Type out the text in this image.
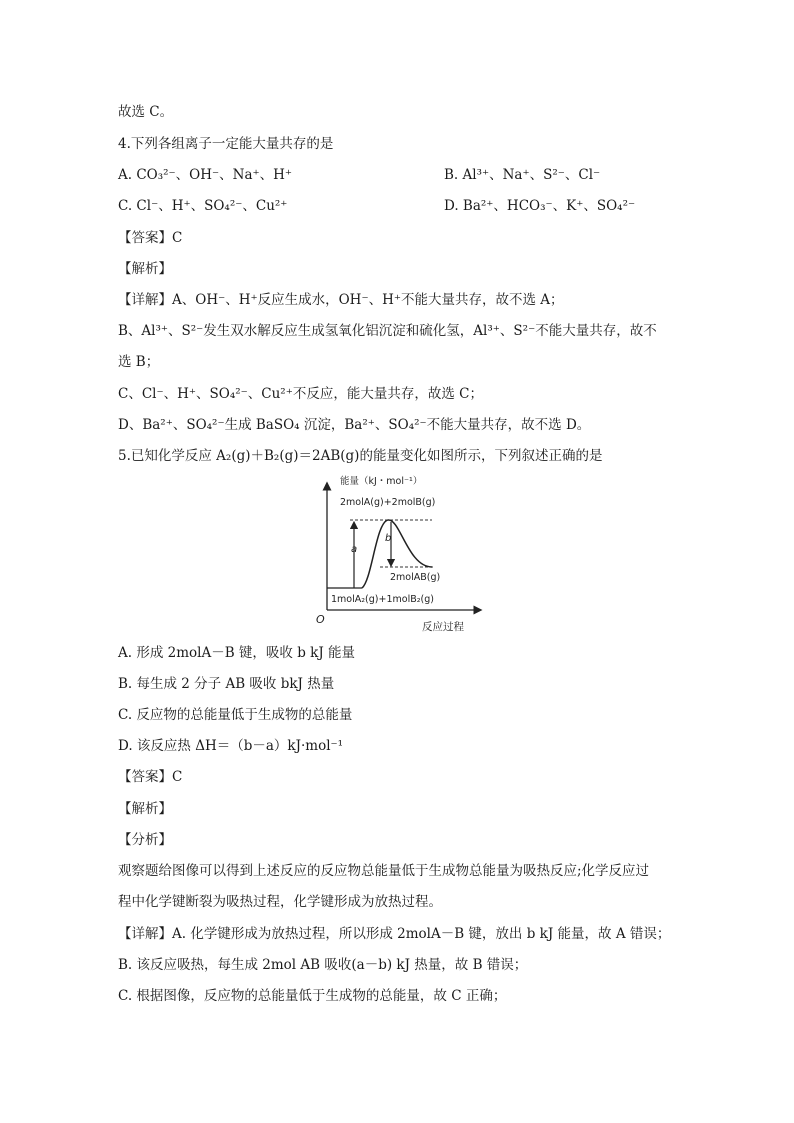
故选 C。
4.下列各组离子一定能大量共存的是
A. CO₃²⁻、OH⁻、Na⁺、H⁺	B. Al³⁺、Na⁺、S²⁻、Cl⁻
C. Cl⁻、H⁺、SO₄²⁻、Cu²⁺	D. Ba²⁺、HCO₃⁻、K⁺、SO₄²⁻
【答案】C
【解析】
【详解】A、OH⁻、H⁺反应生成水，OH⁻、H⁺不能大量共存，故不选 A；
B、Al³⁺、S²⁻发生双水解反应生成氢氧化铝沉淀和硫化氢，Al³⁺、S²⁻不能大量共存，故不
选 B；
C、Cl⁻、H⁺、SO₄²⁻、Cu²⁺不反应，能大量共存，故选 C；
D、Ba²⁺、SO₄²⁻生成 BaSO₄ 沉淀，Ba²⁺、SO₄²⁻不能大量共存，故不选 D。
5.已知化学反应 A₂(g)＋B₂(g)＝2AB(g)的能量变化如图所示，下列叙述正确的是
能量（kJ・mol⁻¹）
2molA(g)+2molB(g)
a
b
2molAB(g)
1molA₂(g)+1molB₂(g)
O
反应过程
A. 形成 2molA－B 键，吸收 b kJ 能量
B. 每生成 2 分子 AB 吸收 bkJ 热量
C. 反应物的总能量低于生成物的总能量
D. 该反应热 ΔH＝（b－a）kJ·mol⁻¹
【答案】C
【解析】
【分析】
观察题给图像可以得到上述反应的反应物总能量低于生成物总能量为吸热反应;化学反应过
程中化学键断裂为吸热过程，化学键形成为放热过程。
【详解】A. 化学键形成为放热过程，所以形成 2molA－B 键，放出 b kJ 能量，故 A 错误；
B. 该反应吸热，每生成 2mol AB 吸收(a－b) kJ 热量，故 B 错误；
C. 根据图像，反应物的总能量低于生成物的总能量，故 C 正确；
